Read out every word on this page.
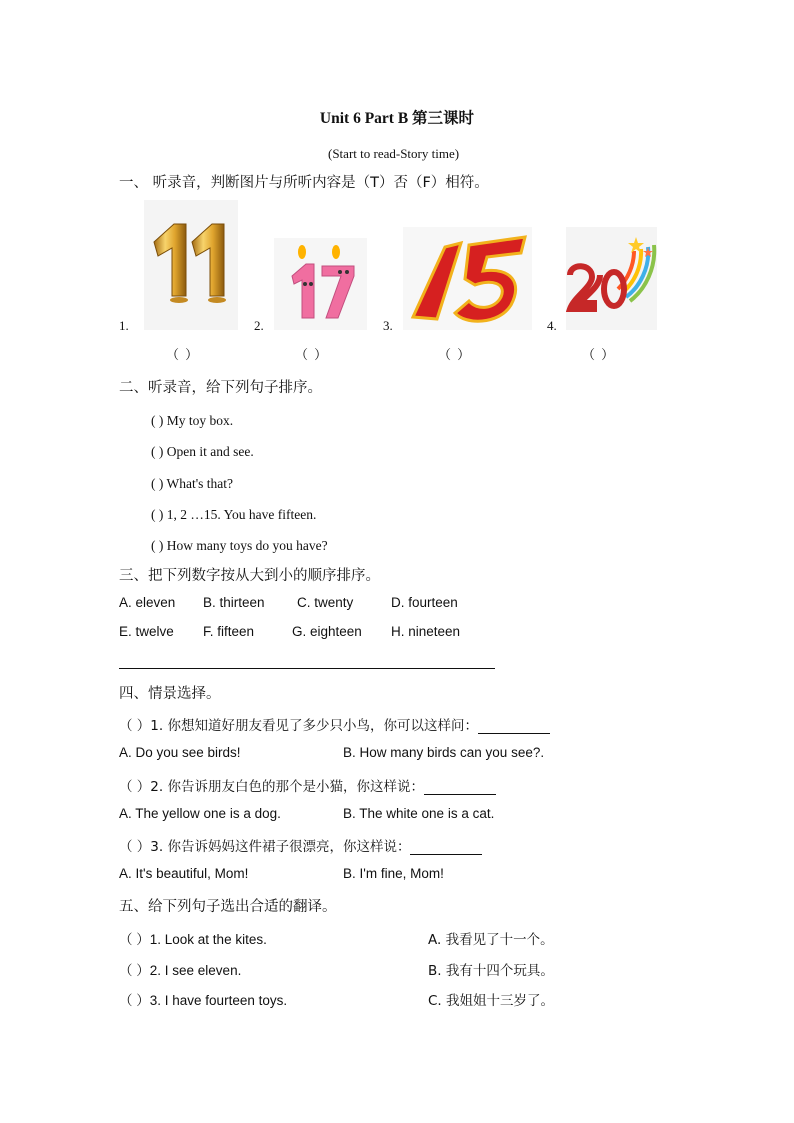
Unit 6 Part B 第三课时
(Start to read-Story time)
一、 听录音，判断图片与所听内容是（T）否（F）相符。
1.
（ ）
2.
（ ）
3.
（ ）
4.
（ ）
二、听录音，给下列句子排序。
( ) My toy box.
( ) Open it and see.
( ) What's that?
( ) 1, 2 …15. You have fifteen.
( ) How many toys do you have?
三、把下列数字按从大到小的顺序排序。
A. eleven B. thirteen C. twenty	D. fourteen
E. twelve F. fifteen	G. eighteen H. nineteen
四、情景选择。
（ ）1. 你想知道好朋友看见了多少只小鸟，你可以这样问：
A. Do you see birds!	B. How many birds can you see?.
（ ）2. 你告诉朋友白色的那个是小猫，你这样说：
A. The yellow one is a dog.	B. The white one is a cat.
（ ）3. 你告诉妈妈这件裙子很漂亮，你这样说：
A. It's beautiful, Mom!	B. I'm fine, Mom!
五、给下列句子选出合适的翻译。
（ ）1. Look at the kites.	A. 我看见了十一个。
（ ）2. I see eleven.	B. 我有十四个玩具。
（ ）3. I have fourteen toys.	C. 我姐姐十三岁了。
